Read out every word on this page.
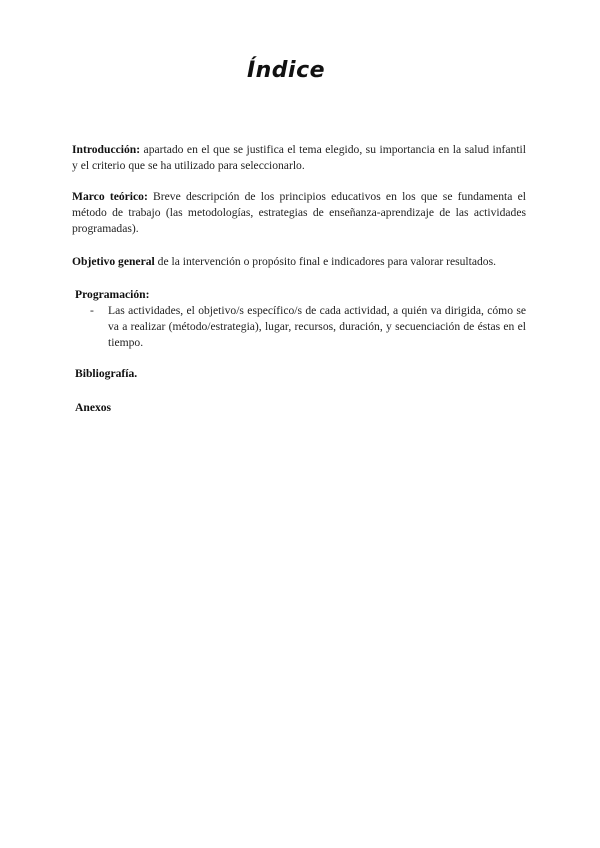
Índice
Introducción: apartado en el que se justifica el tema elegido, su importancia en la salud infantil y el criterio que se ha utilizado para seleccionarlo.
Marco teórico: Breve descripción de los principios educativos en los que se fundamenta el método de trabajo (las metodologías, estrategias de enseñanza-aprendizaje de las actividades programadas).
Objetivo general de la intervención o propósito final e indicadores para valorar resultados.
Programación:
-	Las actividades, el objetivo/s específico/s de cada actividad, a quién va dirigida, cómo se va a realizar (método/estrategia), lugar, recursos, duración, y secuenciación de éstas en el tiempo.
Bibliografía.
Anexos
